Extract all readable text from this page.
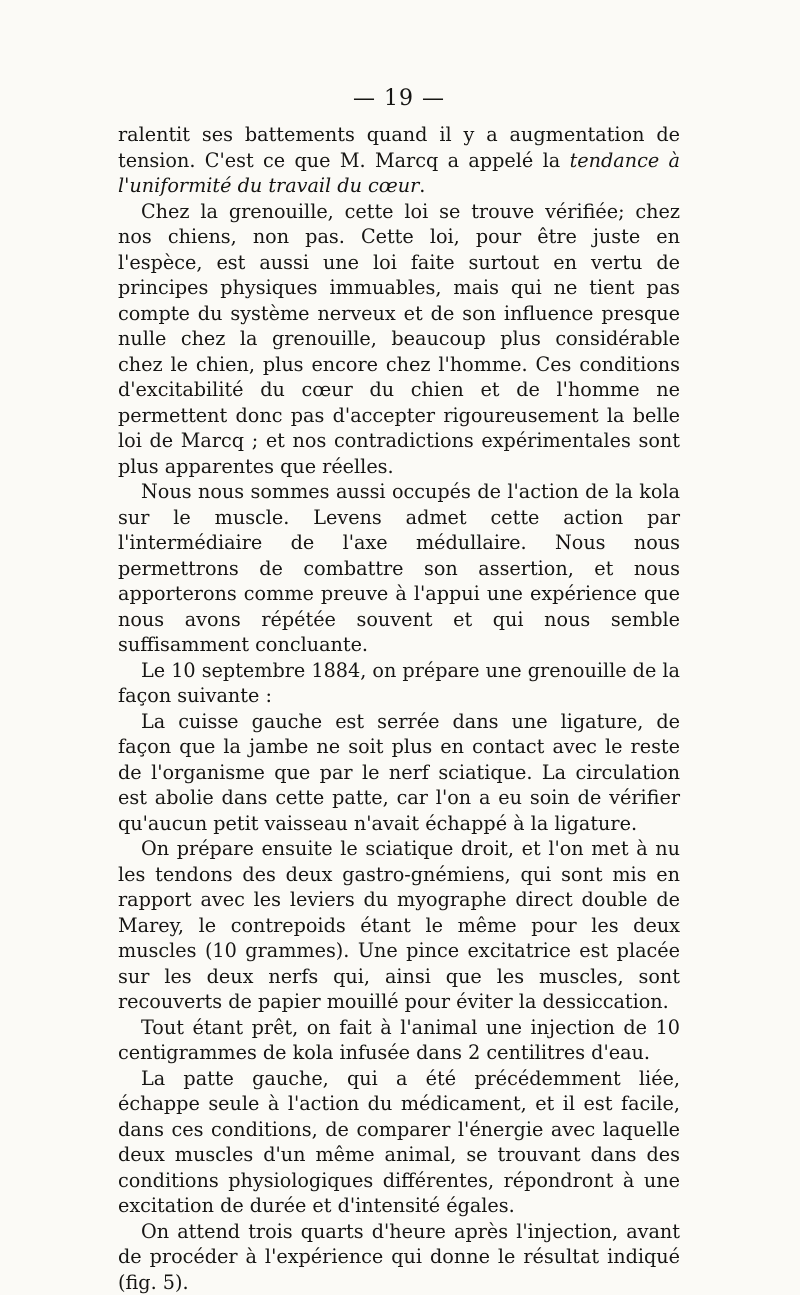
— 19 —

ralentit ses battements quand il y a augmentation de tension. C'est ce que M. Marcq a appelé la tendance à l'uniformité du travail du cœur.

Chez la grenouille, cette loi se trouve vérifiée; chez nos chiens, non pas. Cette loi, pour être juste en l'espèce, est aussi une loi faite surtout en vertu de principes physiques immuables, mais qui ne tient pas compte du système nerveux et de son influence presque nulle chez la grenouille, beaucoup plus considérable chez le chien, plus encore chez l'homme. Ces conditions d'excitabilité du cœur du chien et de l'homme ne permettent donc pas d'accepter rigoureusement la belle loi de Marcq ; et nos contradictions expérimentales sont plus apparentes que réelles.

Nous nous sommes aussi occupés de l'action de la kola sur le muscle. Levens admet cette action par l'intermédiaire de l'axe médullaire. Nous nous permettrons de combattre son assertion, et nous apporterons comme preuve à l'appui une expérience que nous avons répétée souvent et qui nous semble suffisamment concluante.

Le 10 septembre 1884, on prépare une grenouille de la façon suivante :

La cuisse gauche est serrée dans une ligature, de façon que la jambe ne soit plus en contact avec le reste de l'organisme que par le nerf sciatique. La circulation est abolie dans cette patte, car l'on a eu soin de vérifier qu'aucun petit vaisseau n'avait échappé à la ligature.

On prépare ensuite le sciatique droit, et l'on met à nu les tendons des deux gastro-gnémiens, qui sont mis en rapport avec les leviers du myographe direct double de Marey, le contrepoids étant le même pour les deux muscles (10 grammes). Une pince excitatrice est placée sur les deux nerfs qui, ainsi que les muscles, sont recouverts de papier mouillé pour éviter la dessiccation.

Tout étant prêt, on fait à l'animal une injection de 10 centigrammes de kola infusée dans 2 centilitres d'eau.

La patte gauche, qui a été précédemment liée, échappe seule à l'action du médicament, et il est facile, dans ces conditions, de comparer l'énergie avec laquelle deux muscles d'un même animal, se trouvant dans des conditions physiologiques différentes, répondront à une excitation de durée et d'intensité égales.

On attend trois quarts d'heure après l'injection, avant de procéder à l'expérience qui donne le résultat indiqué (fig. 5).
